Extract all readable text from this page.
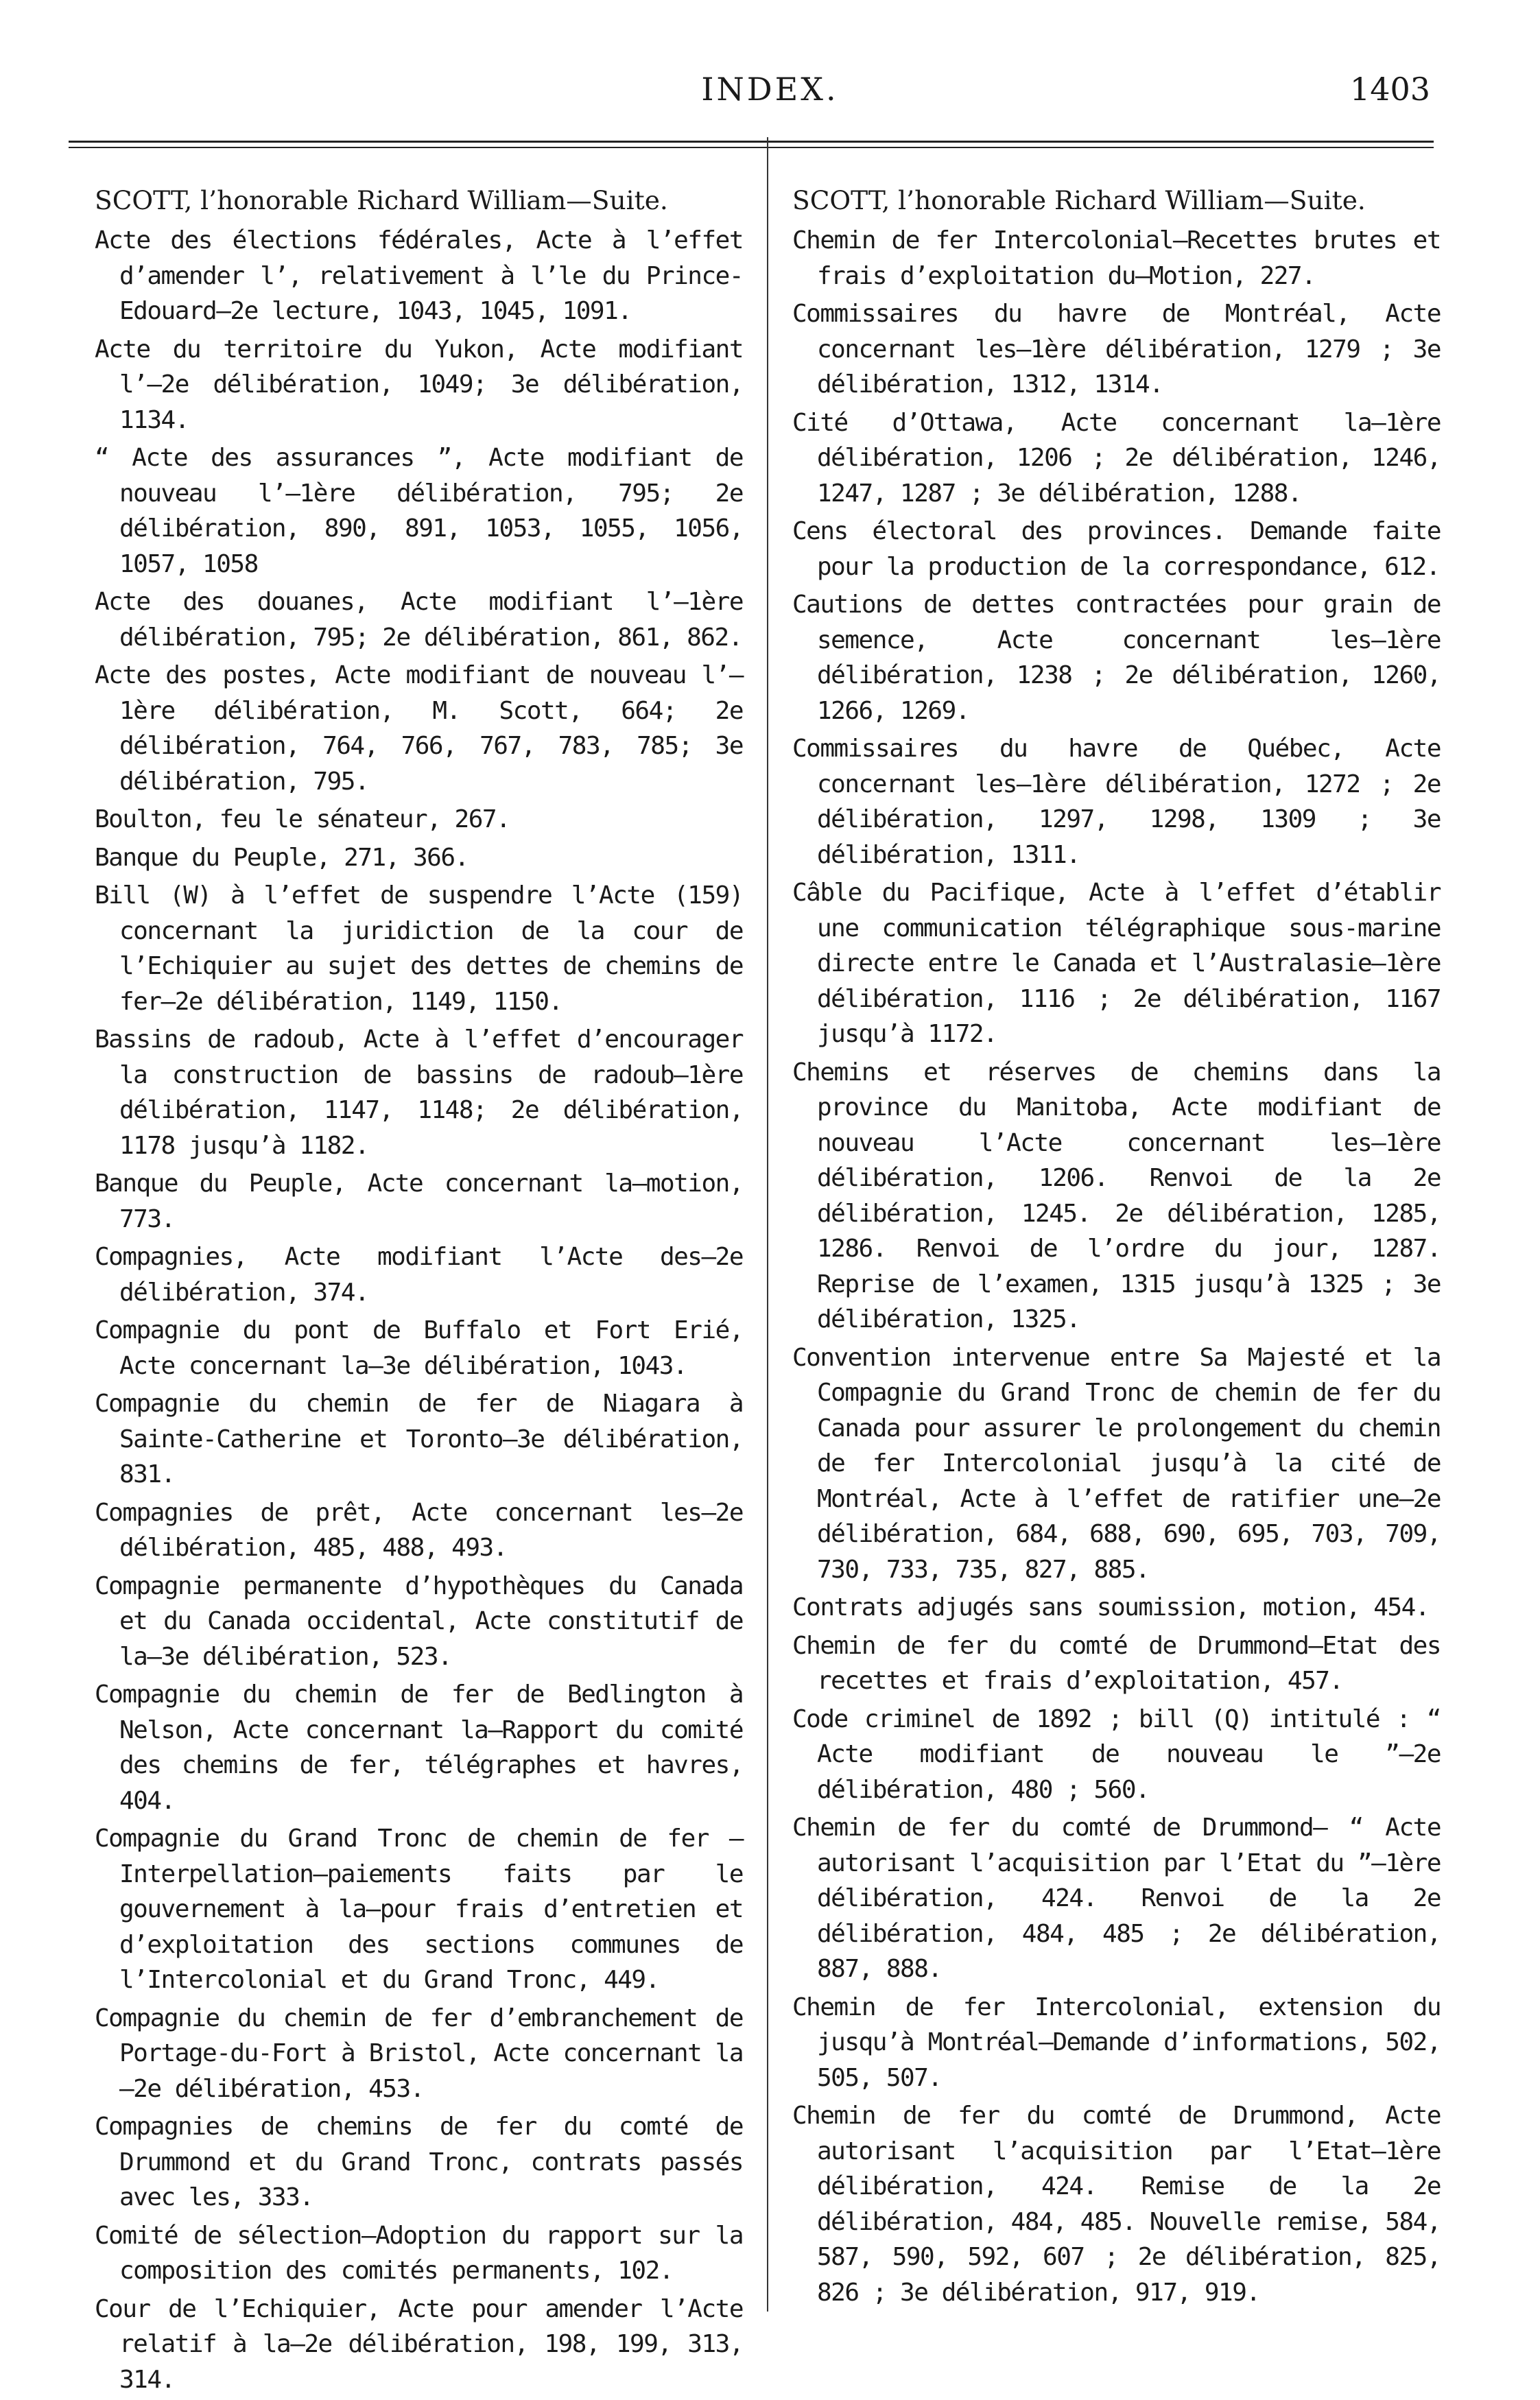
INDEX.	1403
SCOTT, l’honorable Richard William—Suite.

Acte des élections fédérales, Acte à l’effet d’amender l’, relativement à l’le du Prince-Edouard—2e lecture, 1043, 1045, 1091.

Acte du territoire du Yukon, Acte modifiant l’—2e délibération, 1049; 3e délibération, 1134.

“ Acte des assurances ”, Acte modifiant de nouveau l’—1ère délibération, 795; 2e délibération, 890, 891, 1053, 1055, 1056, 1057, 1058

Acte des douanes, Acte modifiant l’—1ère délibération, 795; 2e délibération, 861, 862.

Acte des postes, Acte modifiant de nouveau l’—1ère délibération, M. Scott, 664; 2e délibération, 764, 766, 767, 783, 785; 3e délibération, 795.

Boulton, feu le sénateur, 267.

Banque du Peuple, 271, 366.

Bill (W) à l’effet de suspendre l’Acte (159) concernant la juridiction de la cour de l’Echiquier au sujet des dettes de chemins de fer—2e délibération, 1149, 1150.

Bassins de radoub, Acte à l’effet d’encourager la construction de bassins de radoub—1ère délibération, 1147, 1148; 2e délibération, 1178 jusqu’à 1182.

Banque du Peuple, Acte concernant la—motion, 773.

Compagnies, Acte modifiant l’Acte des—2e délibération, 374.

Compagnie du pont de Buffalo et Fort Erié, Acte concernant la—3e délibération, 1043.

Compagnie du chemin de fer de Niagara à Sainte-Catherine et Toronto—3e délibération, 831.

Compagnies de prêt, Acte concernant les—2e délibération, 485, 488, 493.

Compagnie permanente d’hypothèques du Canada et du Canada occidental, Acte constitutif de la—3e délibération, 523.

Compagnie du chemin de fer de Bedlington à Nelson, Acte concernant la—Rapport du comité des chemins de fer, télégraphes et havres, 404.

Compagnie du Grand Tronc de chemin de fer —Interpellation—paiements faits par le gouvernement à la—pour frais d’entretien et d’exploitation des sections communes de l’Intercolonial et du Grand Tronc, 449.

Compagnie du chemin de fer d’embranchement de Portage-du-Fort à Bristol, Acte concernant la—2e délibération, 453.

Compagnies de chemins de fer du comté de Drummond et du Grand Tronc, contrats passés avec les, 333.

Comité de sélection—Adoption du rapport sur la composition des comités permanents, 102.

Cour de l’Echiquier, Acte pour amender l’Acte relatif à la—2e délibération, 198, 199, 313, 314.

SCOTT, l’honorable Richard William—Suite.

Chemin de fer Intercolonial—Recettes brutes et frais d’exploitation du—Motion, 227.

Commissaires du havre de Montréal, Acte concernant les—1ère délibération, 1279 ; 3e délibération, 1312, 1314.

Cité d’Ottawa, Acte concernant la—1ère délibération, 1206 ; 2e délibération, 1246, 1247, 1287 ; 3e délibération, 1288.

Cens électoral des provinces. Demande faite pour la production de la correspondance, 612.

Cautions de dettes contractées pour grain de semence, Acte concernant les—1ère délibération, 1238 ; 2e délibération, 1260, 1266, 1269.

Commissaires du havre de Québec, Acte concernant les—1ère délibération, 1272 ; 2e délibération, 1297, 1298, 1309 ; 3e délibération, 1311.

Câble du Pacifique, Acte à l’effet d’établir une communication télégraphique sous-marine directe entre le Canada et l’Australasie—1ère délibération, 1116 ; 2e délibération, 1167 jusqu’à 1172.

Chemins et réserves de chemins dans la province du Manitoba, Acte modifiant de nouveau l’Acte concernant les—1ère délibération, 1206. Renvoi de la 2e délibération, 1245. 2e délibération, 1285, 1286. Renvoi de l’ordre du jour, 1287. Reprise de l’examen, 1315 jusqu’à 1325 ; 3e délibération, 1325.

Convention intervenue entre Sa Majesté et la Compagnie du Grand Tronc de chemin de fer du Canada pour assurer le prolongement du chemin de fer Intercolonial jusqu’à la cité de Montréal, Acte à l’effet de ratifier une—2e délibération, 684, 688, 690, 695, 703, 709, 730, 733, 735, 827, 885.

Contrats adjugés sans soumission, motion, 454.

Chemin de fer du comté de Drummond—Etat des recettes et frais d’exploitation, 457.

Code criminel de 1892 ; bill (Q) intitulé : “ Acte modifiant de nouveau le ”—2e délibération, 480 ; 560.

Chemin de fer du comté de Drummond— “ Acte autorisant l’acquisition par l’Etat du ”—1ère délibération, 424. Renvoi de la 2e délibération, 484, 485 ; 2e délibération, 887, 888.

Chemin de fer Intercolonial, extension du jusqu’à Montréal—Demande d’informations, 502, 505, 507.

Chemin de fer du comté de Drummond, Acte autorisant l’acquisition par l’Etat—1ère délibération, 424. Remise de la 2e délibération, 484, 485. Nouvelle remise, 584, 587, 590, 592, 607 ; 2e délibération, 825, 826 ; 3e délibération, 917, 919.
